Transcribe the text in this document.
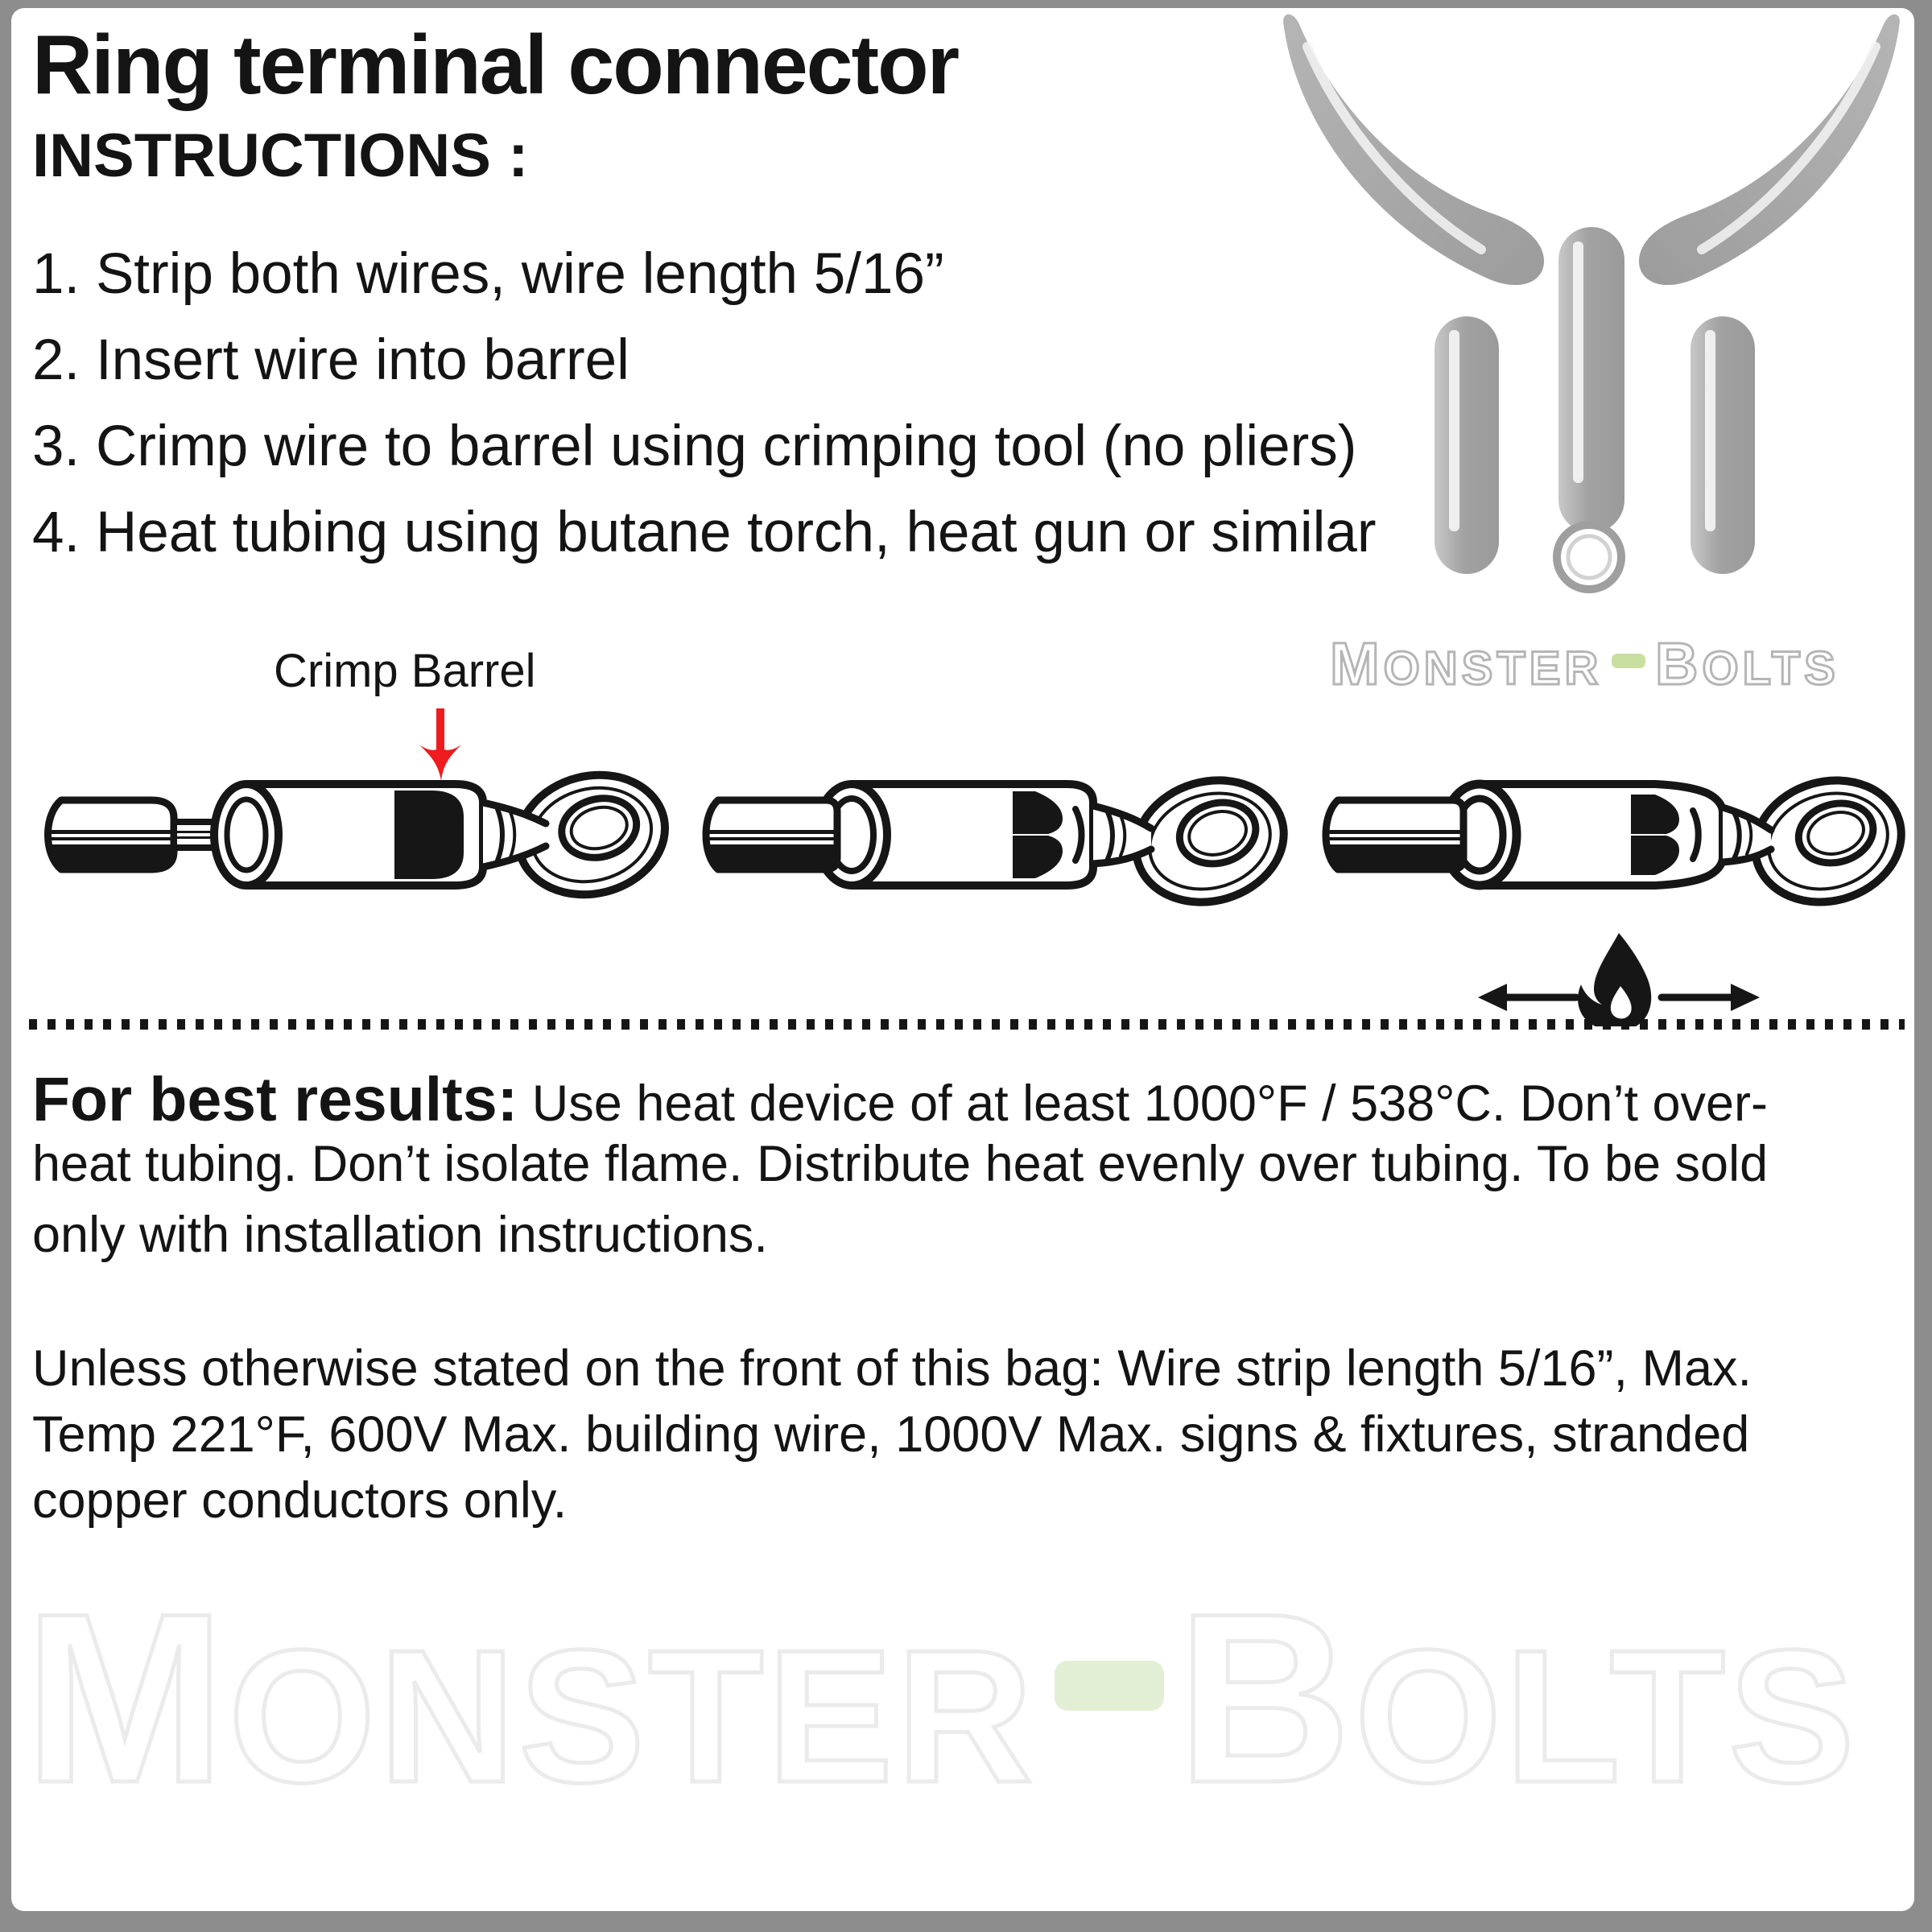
MONSTER BOLTS
MONSTER BOLTS
Ring terminal connector
INSTRUCTIONS :
1. Strip both wires, wire length 5/16”
2. Insert wire into barrel
3. Crimp wire to barrel using crimping tool (no pliers)
4. Heat tubing using butane torch, heat gun or similar
Crimp Barrel
For best results: Use heat device of at least 1000°F / 538°C. Don’t over-
heat tubing. Don’t isolate flame. Distribute heat evenly over tubing. To be sold
only with installation instructions.
Unless otherwise stated on the front of this bag: Wire strip length 5/16”, Max.
Temp 221°F, 600V Max. building wire, 1000V Max. signs & fixtures, stranded
copper conductors only.
